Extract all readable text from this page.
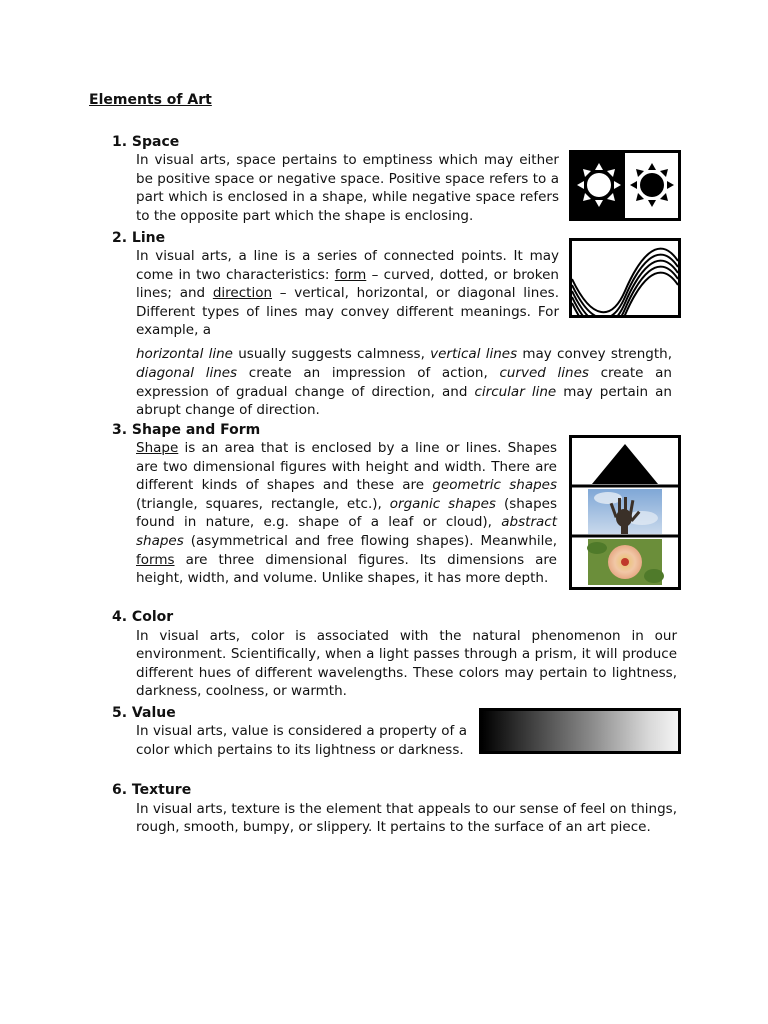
Elements of Art
1. Space
In visual arts, space pertains to emptiness which may either be positive space or negative space. Positive space refers to a part which is enclosed in a shape, while negative space refers to the opposite part which the shape is enclosing.
2. Line
In visual arts, a line is a series of connected points. It may come in two characteristics: form – curved, dotted, or broken lines; and direction – vertical, horizontal, or diagonal lines. Different types of lines may convey different meanings. For example, a
horizontal line usually suggests calmness, vertical lines may convey strength, diagonal lines create an impression of action, curved lines create an expression of gradual change of direction, and circular line may pertain an abrupt change of direction.
3. Shape and Form
Shape is an area that is enclosed by a line or lines. Shapes are two dimensional figures with height and width. There are different kinds of shapes and these are geometric shapes (triangle, squares, rectangle, etc.), organic shapes (shapes found in nature, e.g. shape of a leaf or cloud), abstract shapes (asymmetrical and free flowing shapes). Meanwhile, forms are three dimensional figures. Its dimensions are height, width, and volume. Unlike shapes, it has more depth.
4. Color
In visual arts, color is associated with the natural phenomenon in our environment. Scientifically, when a light passes through a prism, it will produce different hues of different wavelengths. These colors may pertain to lightness, darkness, coolness, or warmth.
5. Value
In visual arts, value is considered a property of a color which pertains to its lightness or darkness.
6. Texture
In visual arts, texture is the element that appeals to our sense of feel on things, rough, smooth, bumpy, or slippery. It pertains to the surface of an art piece.
